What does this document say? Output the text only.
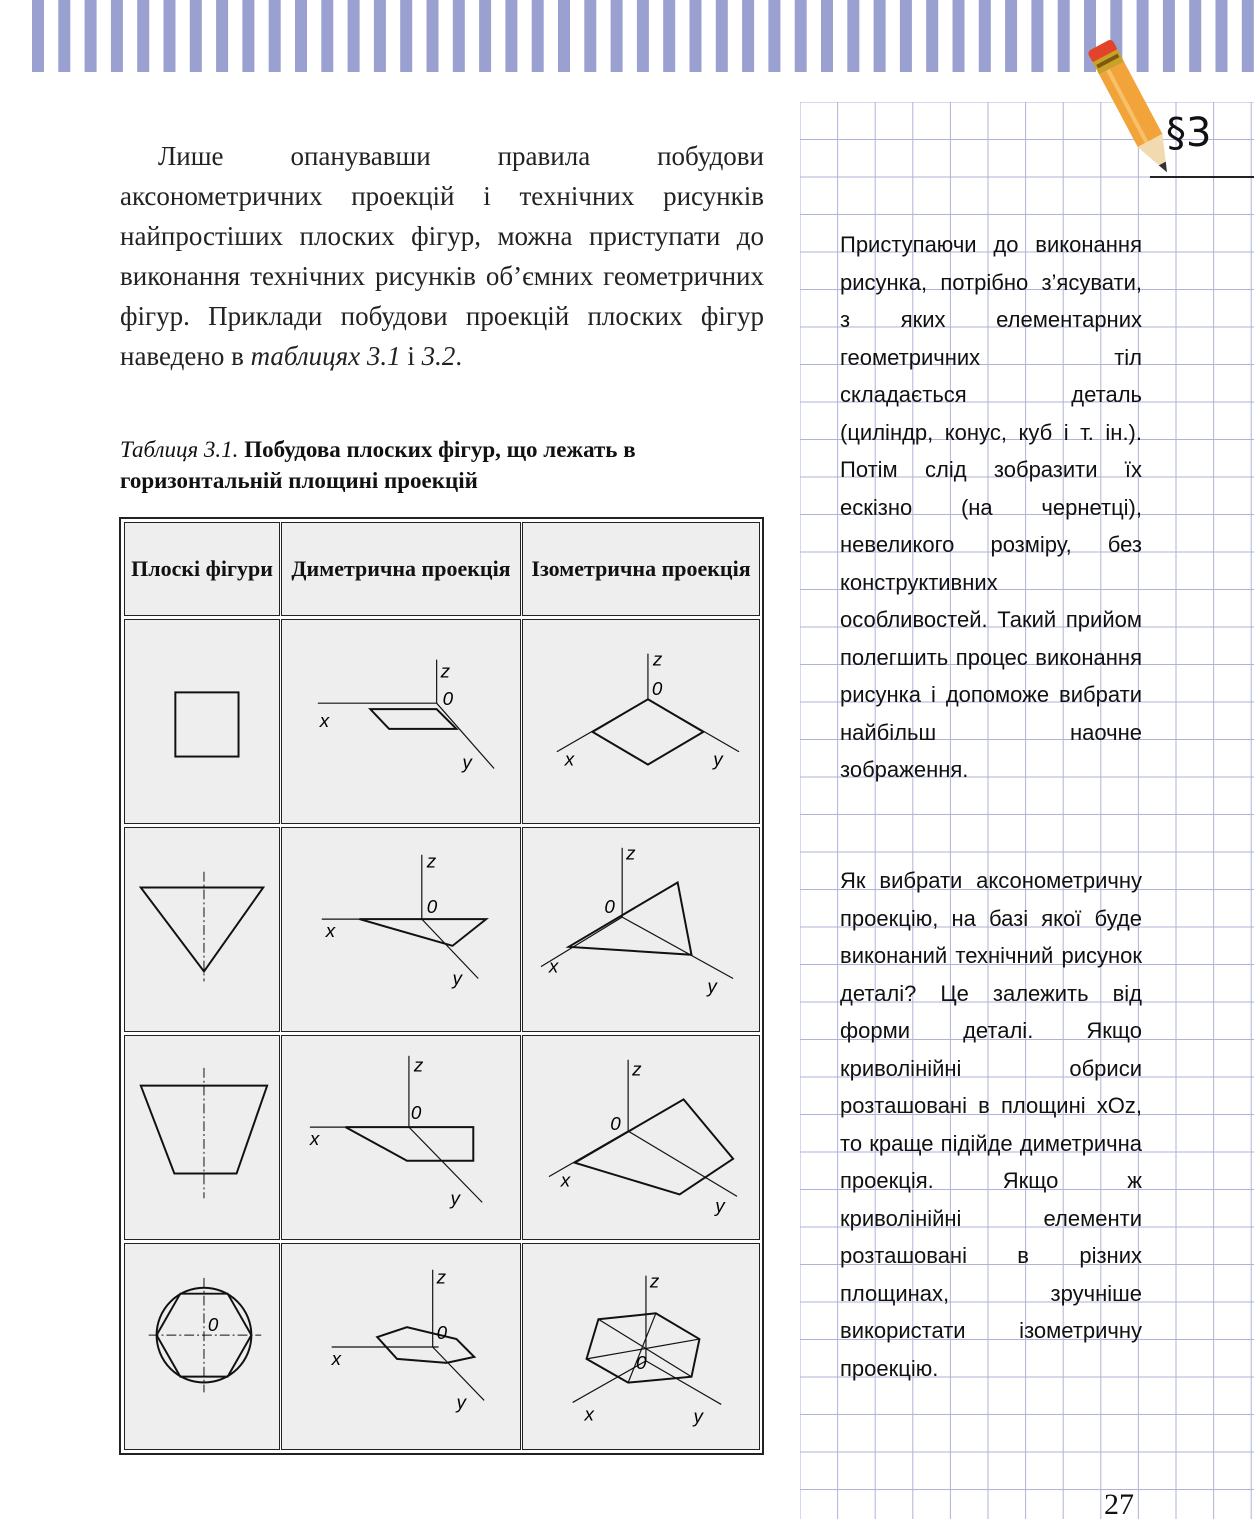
§3

Лише опанувавши правила побудови аксонометричних проекцій і технічних рисунків найпростіших плоских фігур, можна приступати до виконання технічних рисунків об’ємних геометричних фігур. Приклади побудови проекцій плоских фігур наведено в таблицях 3.1 і 3.2.

Таблиця 3.1. Побудова плоских фігур, що лежать в горизонтальній площині проекцій
Плоскі фігури Диметрична проекція Ізометрична проекція
z
0
x
y
z
0
x	y
z
0
x
y
z
0
x
y
z
0
x
y
z
0
x
y
0
z
0
x
y
z
0
x	y

Приступаючи до виконання рисунка, потрібно з’ясувати, з яких елементарних геометричних тіл складається деталь (циліндр, конус, куб і т. ін.). Потім слід зобразити їх ескізно (на чернетці), невеликого розміру, без конструктивних особливостей. Такий прийом полегшить процес виконання рисунка і допоможе вибрати найбільш наочне зображення.

Як вибрати аксонометричну проекцію, на базі якої буде виконаний технічний рисунок деталі? Це залежить від форми деталі. Якщо криволінійні обриси розташовані в площині xOz, то краще підійде диметрична проекція. Якщо ж криволінійні елементи розташовані в різних площинах, зручніше використати ізометричну проекцію.

27
